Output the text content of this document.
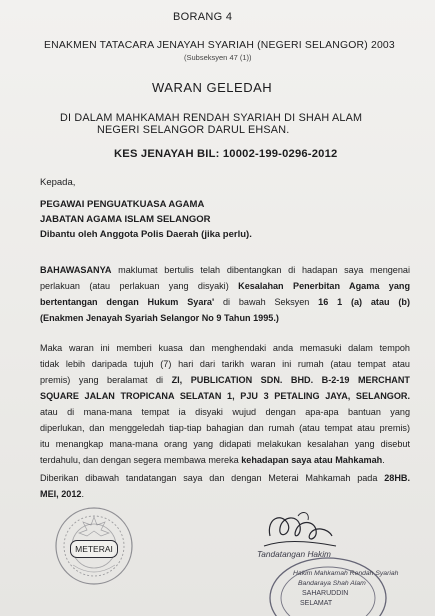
BORANG 4
ENAKMEN TATACARA JENAYAH SYARIAH (NEGERI SELANGOR) 2003
(Subseksyen 47 (1))
WARAN GELEDAH
DI DALAM MAHKAMAH RENDAH SYARIAH DI SHAH ALAM
NEGERI SELANGOR DARUL EHSAN.
KES JENAYAH BIL: 10002-199-0296-2012
Kepada,
PEGAWAI PENGUATKUASA AGAMA
JABATAN AGAMA ISLAM SELANGOR
Dibantu oleh Anggota Polis Daerah (jika perlu).
BAHAWASANYA maklumat bertulis telah dibentangkan di hadapan saya mengenai
perlakuan (atau perlakuan yang disyaki) Kesalahan Penerbitan Agama yang
bertentangan dengan Hukum Syara' di bawah Seksyen 16 1 (a) atau (b)
(Enakmen Jenayah Syariah Selangor No 9 Tahun 1995.)
Maka waran ini memberi kuasa dan menghendaki anda memasuki dalam tempoh
tidak lebih daripada tujuh (7) hari dari tarikh waran ini rumah (atau tempat atau
premis) yang beralamat di ZI, PUBLICATION SDN. BHD. B-2-19 MERCHANT
SQUARE JALAN TROPICANA SELATAN 1, PJU 3 PETALING JAYA, SELANGOR.
atau di mana-mana tempat ia disyaki wujud dengan apa-apa bantuan yang
diperlukan, dan menggeledah tiap-tiap bahagian dan rumah (atau tempat atau premis)
itu menangkap mana-mana orang yang didapati melakukan kesalahan yang disebut
terdahulu, dan dengan segera membawa mereka kehadapan saya atau Mahkamah.
Diberikan dibawah tandatangan saya dan dengan Meterai Mahkamah pada 28HB.
MEI, 2012.
METERAI	Tandatangan Hakim
Hakim Mahkamah Rendah Syariah
Bandaraya Shah Alam
SAHARUDDIN
SELAMAT
